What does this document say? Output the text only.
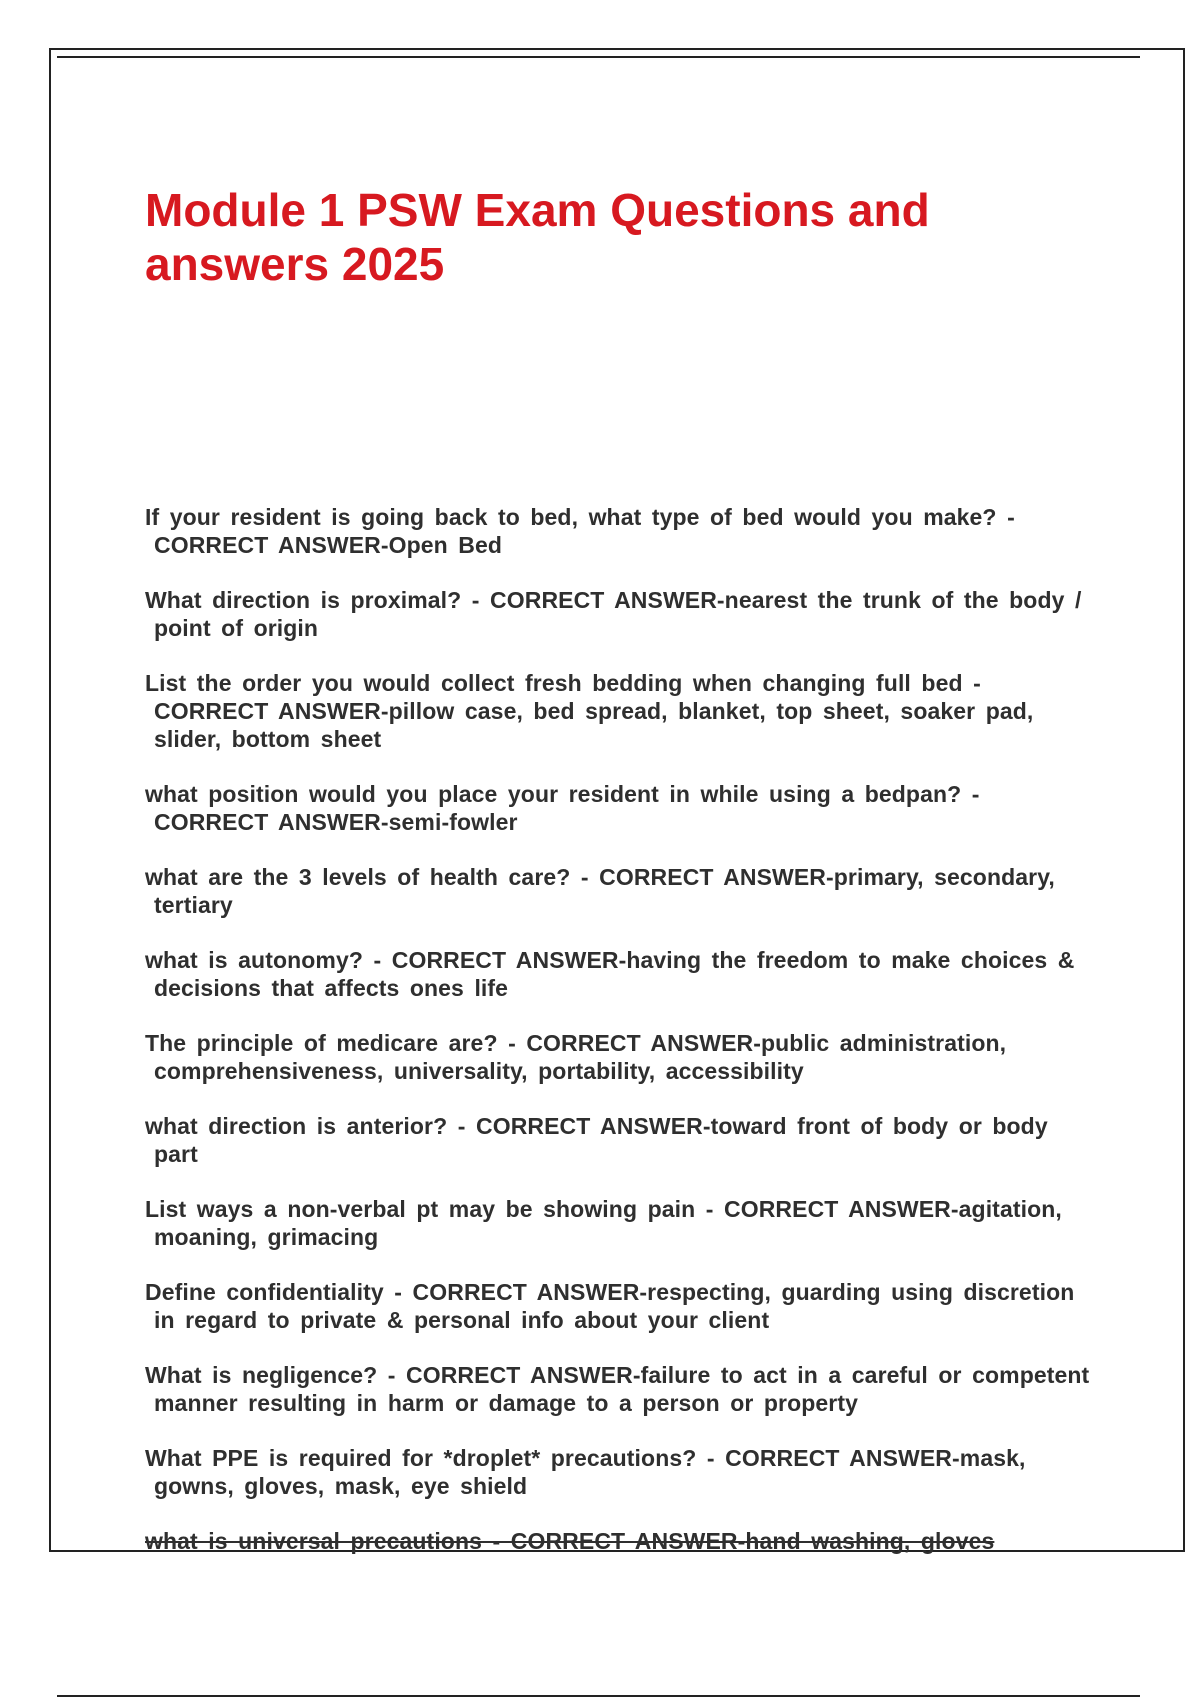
Module 1 PSW Exam Questions and answers 2025

If your resident is going back to bed, what type of bed would you make? - CORRECT ANSWER-Open Bed

What direction is proximal? - CORRECT ANSWER-nearest the trunk of the body / point of origin

List the order you would collect fresh bedding when changing full bed - CORRECT ANSWER-pillow case, bed spread, blanket, top sheet, soaker pad, slider, bottom sheet

what position would you place your resident in while using a bedpan? - CORRECT ANSWER-semi-fowler

what are the 3 levels of health care? - CORRECT ANSWER-primary, secondary, tertiary

what is autonomy? - CORRECT ANSWER-having the freedom to make choices & decisions that affects ones life

The principle of medicare are? - CORRECT ANSWER-public administration, comprehensiveness, universality, portability, accessibility

what direction is anterior? - CORRECT ANSWER-toward front of body or body part

List ways a non-verbal pt may be showing pain - CORRECT ANSWER-agitation, moaning, grimacing

Define confidentiality - CORRECT ANSWER-respecting, guarding using discretion in regard to private & personal info about your client

What is negligence? - CORRECT ANSWER-failure to act in a careful or competent manner resulting in harm or damage to a person or property

What PPE is required for *droplet* precautions? - CORRECT ANSWER-mask, gowns, gloves, mask, eye shield

what is universal precautions - CORRECT ANSWER-hand washing, gloves
